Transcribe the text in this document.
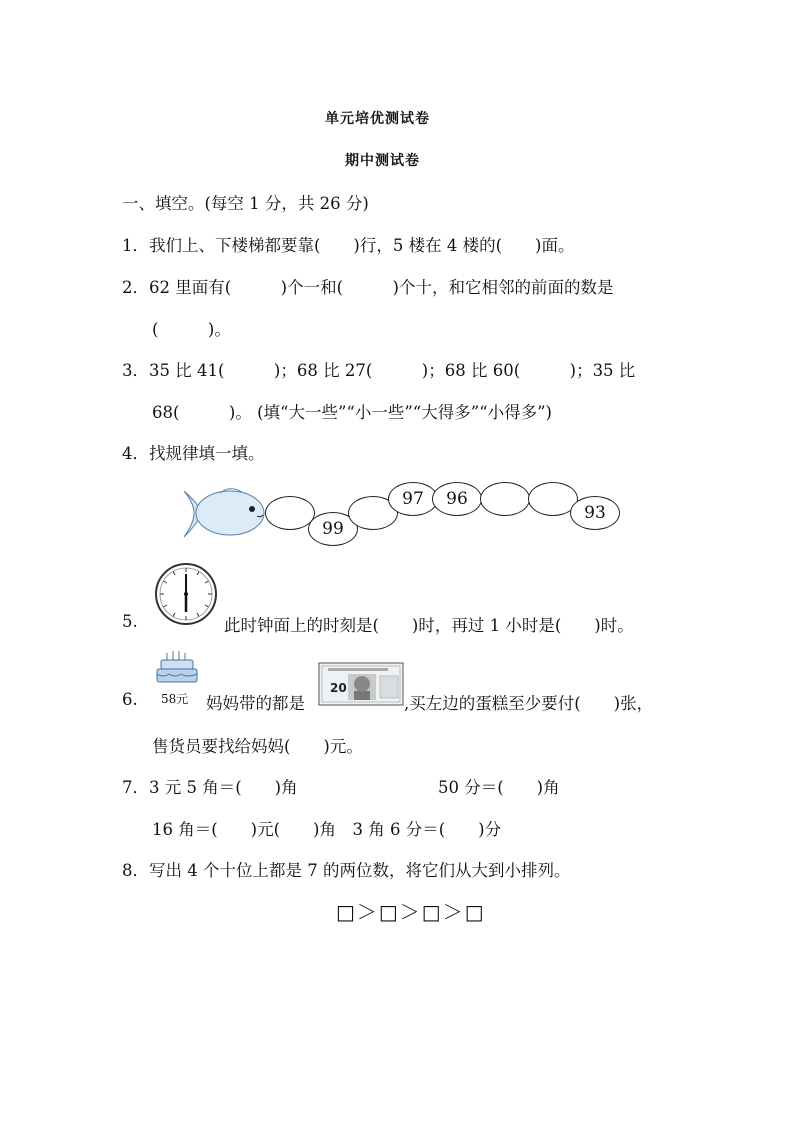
单元培优测试卷
期中测试卷
一、填空。(每空 1 分，共 26 分)
1．我们上、下楼梯都要靠(　　)行，5 楼在 4 楼的(　　)面。
2．62 里面有(　　　)个一和(　　　)个十，和它相邻的前面的数是
(　　　)。
3．35 比 41(　　　)；68 比 27(　　　)；68 比 60(　　　)；35 比
68(　　　)。 (填“大一些”“小一些”“大得多”“小得多”)
4．找规律填一填。
99
97	96
93
5.	此时钟面上的时刻是(　　)时，再过 1 小时是(　　)时。
6. 58元 妈妈带的都是
20
,买左边的蛋糕至少要付(　　)张，
售货员要找给妈妈(　　)元。
7．3 元 5 角＝(　　)角	50 分＝(　　)角
16 角＝(　　)元(　　)角　3 角 6 分＝(　　)分
8．写出 4 个十位上都是 7 的两位数，将它们从大到小排列。
□＞□＞□＞□
